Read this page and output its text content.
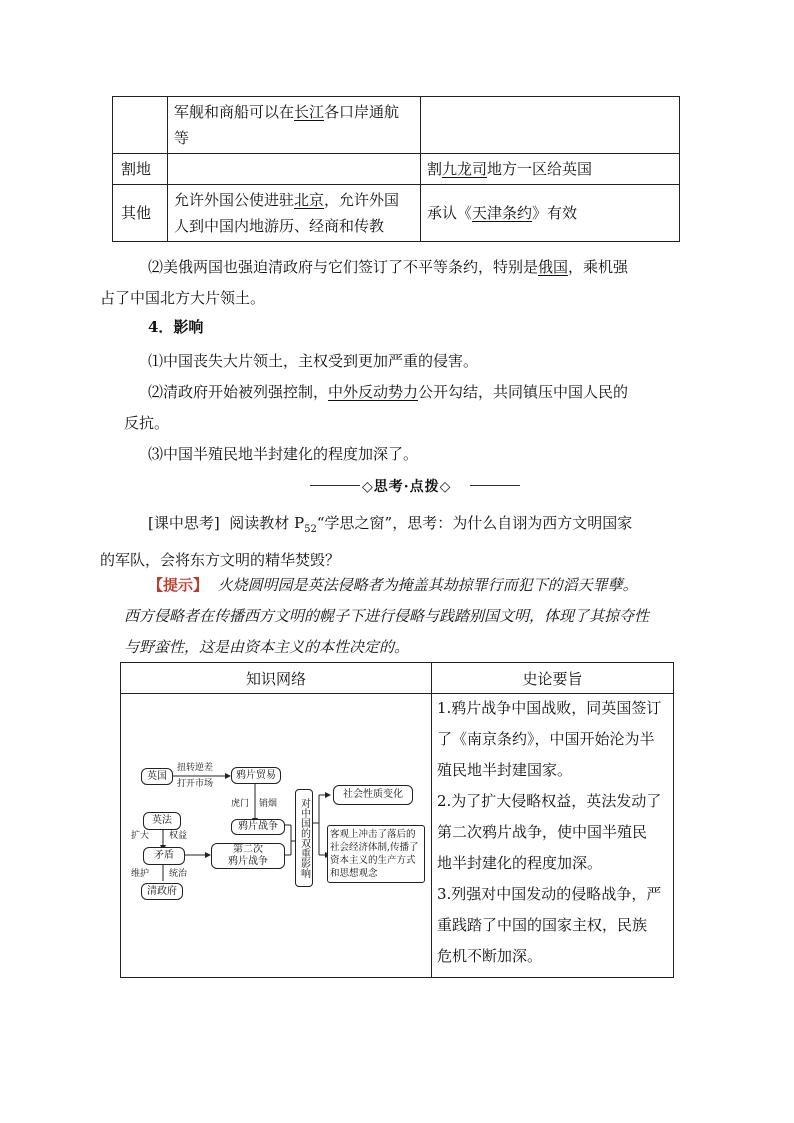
	军舰和商船可以在长江各口岸通航
等	
割地		割九龙司地方一区给英国
其他	允许外国公使进驻北京，允许外国
人到中国内地游历、经商和传教	承认《天津条约》有效
⑵美俄两国也强迫清政府与它们签订了不平等条约，特别是俄国，乘机强
占了中国北方大片领土。
4．影响
⑴中国丧失大片领土，主权受到更加严重的侵害。
⑵清政府开始被列强控制，中外反动势力公开勾结，共同镇压中国人民的
反抗。
⑶中国半殖民地半封建化的程度加深了。
◇思考·点拨◇
[课中思考] 阅读教材 $P_{52}“$学思之窗”，思考：为什么自诩为西方文明国家
的军队，会将东方文明的精华焚毁？
【提示】 火烧圆明园是英法侵略者为掩盖其劫掠罪行而犯下的滔天罪孽。
西方侵略者在传播西方文明的幌子下进行侵略与践踏别国文明，体现了其掠夺性
与野蛮性，这是由资本主义的本性决定的。
知识网络	史论要旨
英国
扭转逆差
打开市场
鸦片贸易
虎门 销烟
鸦片战争
英法
扩大 权益
矛盾
维护 统治
清政府
第二次
鸦片战争	对中国的双重影响
社会性质变化
客观上冲击了落后的社会经济体制,传播了资本主义的生产方式和思想观念
1.鸦片战争中国战败，同英国签订
了《南京条约》，中国开始沦为半
殖民地半封建国家。
2.为了扩大侵略权益，英法发动了
第二次鸦片战争，使中国半殖民
地半封建化的程度加深。
3.列强对中国发动的侵略战争，严
重践踏了中国的国家主权，民族
危机不断加深。
